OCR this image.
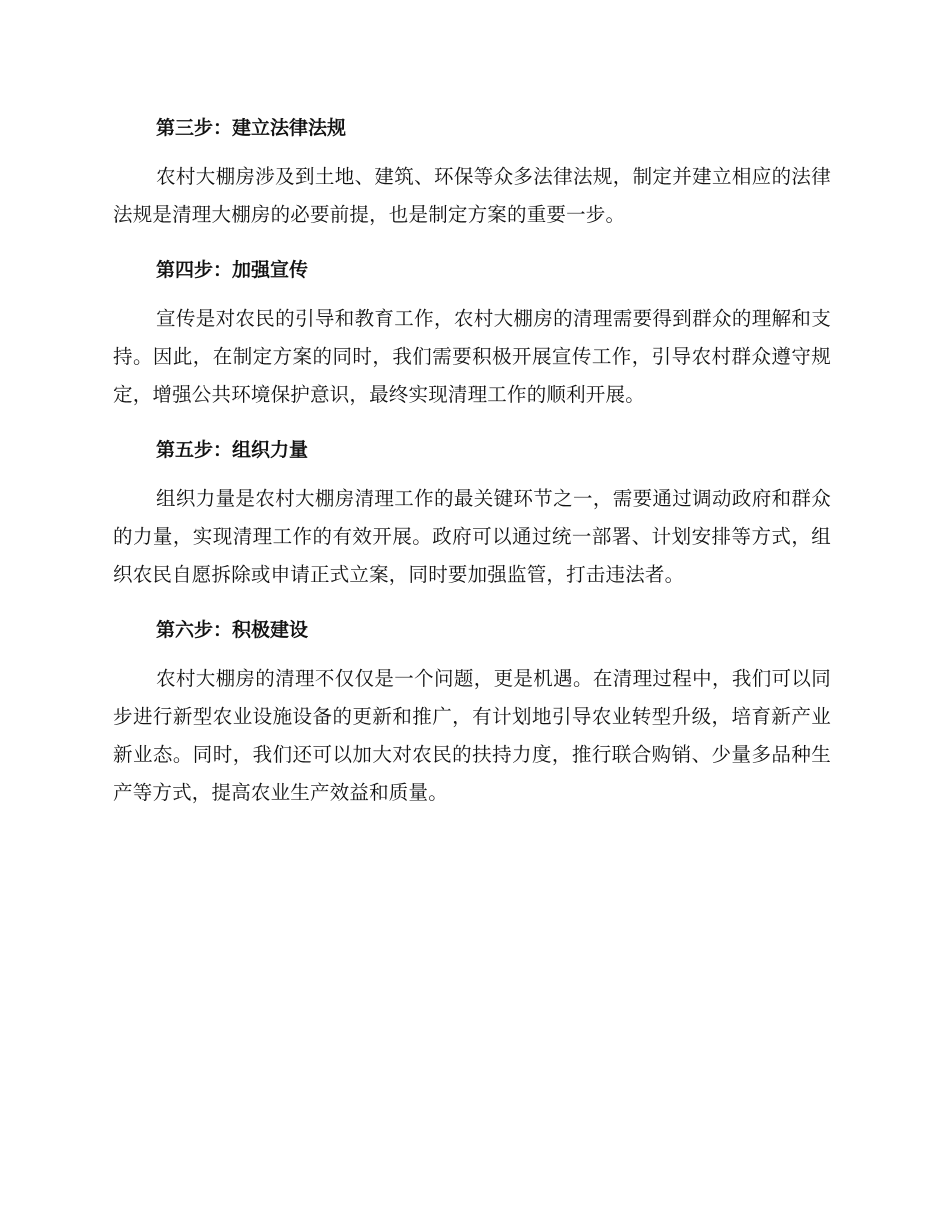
第三步：建立法律法规

农村大棚房涉及到土地、建筑、环保等众多法律法规，制定并建立相应的法律法规是清理大棚房的必要前提，也是制定方案的重要一步。

第四步：加强宣传

宣传是对农民的引导和教育工作，农村大棚房的清理需要得到群众的理解和支持。因此，在制定方案的同时，我们需要积极开展宣传工作，引导农村群众遵守规定，增强公共环境保护意识，最终实现清理工作的顺利开展。

第五步：组织力量

组织力量是农村大棚房清理工作的最关键环节之一，需要通过调动政府和群众的力量，实现清理工作的有效开展。政府可以通过统一部署、计划安排等方式，组织农民自愿拆除或申请正式立案，同时要加强监管，打击违法者。

第六步：积极建设

农村大棚房的清理不仅仅是一个问题，更是机遇。在清理过程中，我们可以同步进行新型农业设施设备的更新和推广，有计划地引导农业转型升级，培育新产业新业态。同时，我们还可以加大对农民的扶持力度，推行联合购销、少量多品种生产等方式，提高农业生产效益和质量。
